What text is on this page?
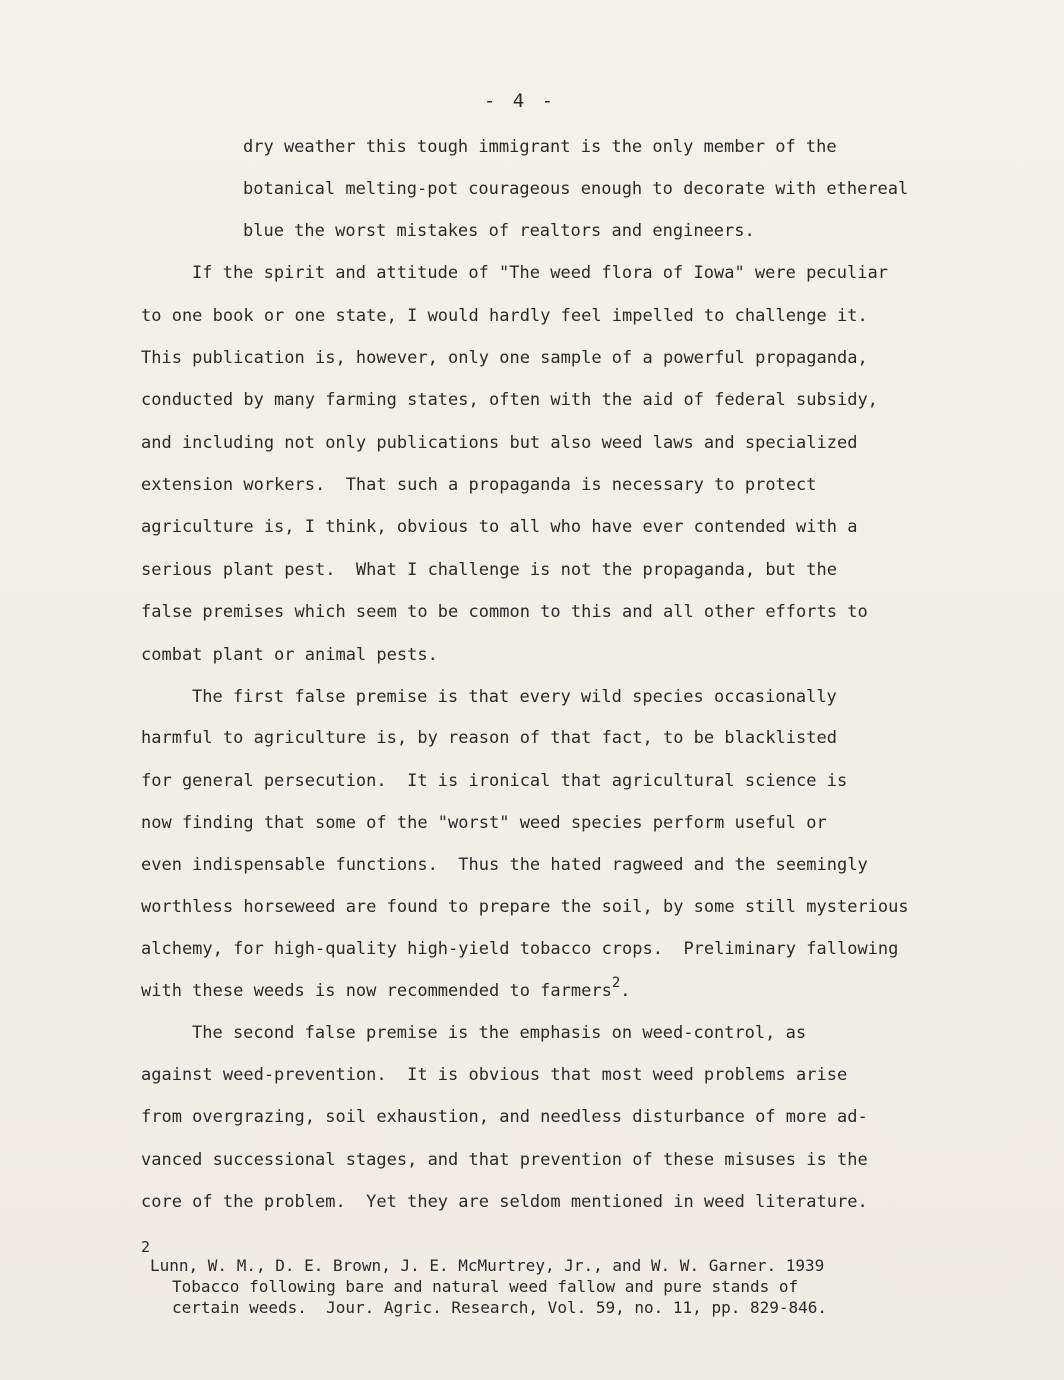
- 4 -
dry weather this tough immigrant is the only member of the
botanical melting-pot courageous enough to decorate with ethereal
blue the worst mistakes of realtors and engineers.
If the spirit and attitude of "The weed flora of Iowa" were peculiar
to one book or one state, I would hardly feel impelled to challenge it.
This publication is, however, only one sample of a powerful propaganda,
conducted by many farming states, often with the aid of federal subsidy,
and including not only publications but also weed laws and specialized
extension workers.  That such a propaganda is necessary to protect
agriculture is, I think, obvious to all who have ever contended with a
serious plant pest.  What I challenge is not the propaganda, but the
false premises which seem to be common to this and all other efforts to
combat plant or animal pests.
The first false premise is that every wild species occasionally
harmful to agriculture is, by reason of that fact, to be blacklisted
for general persecution.  It is ironical that agricultural science is
now finding that some of the "worst" weed species perform useful or
even indispensable functions.  Thus the hated ragweed and the seemingly
worthless horseweed are found to prepare the soil, by some still mysterious
alchemy, for high-quality high-yield tobacco crops.  Preliminary fallowing
with these weeds is now recommended to farmers$^2$.
The second false premise is the emphasis on weed-control, as
against weed-prevention.  It is obvious that most weed problems arise
from overgrazing, soil exhaustion, and needless disturbance of more ad-
vanced successional stages, and that prevention of these misuses is the
core of the problem.  Yet they are seldom mentioned in weed literature.
2
Lunn, W. M., D. E. Brown, J. E. McMurtrey, Jr., and W. W. Garner. 1939
Tobacco following bare and natural weed fallow and pure stands of
certain weeds.  Jour. Agric. Research, Vol. 59, no. 11, pp. 829-846.
